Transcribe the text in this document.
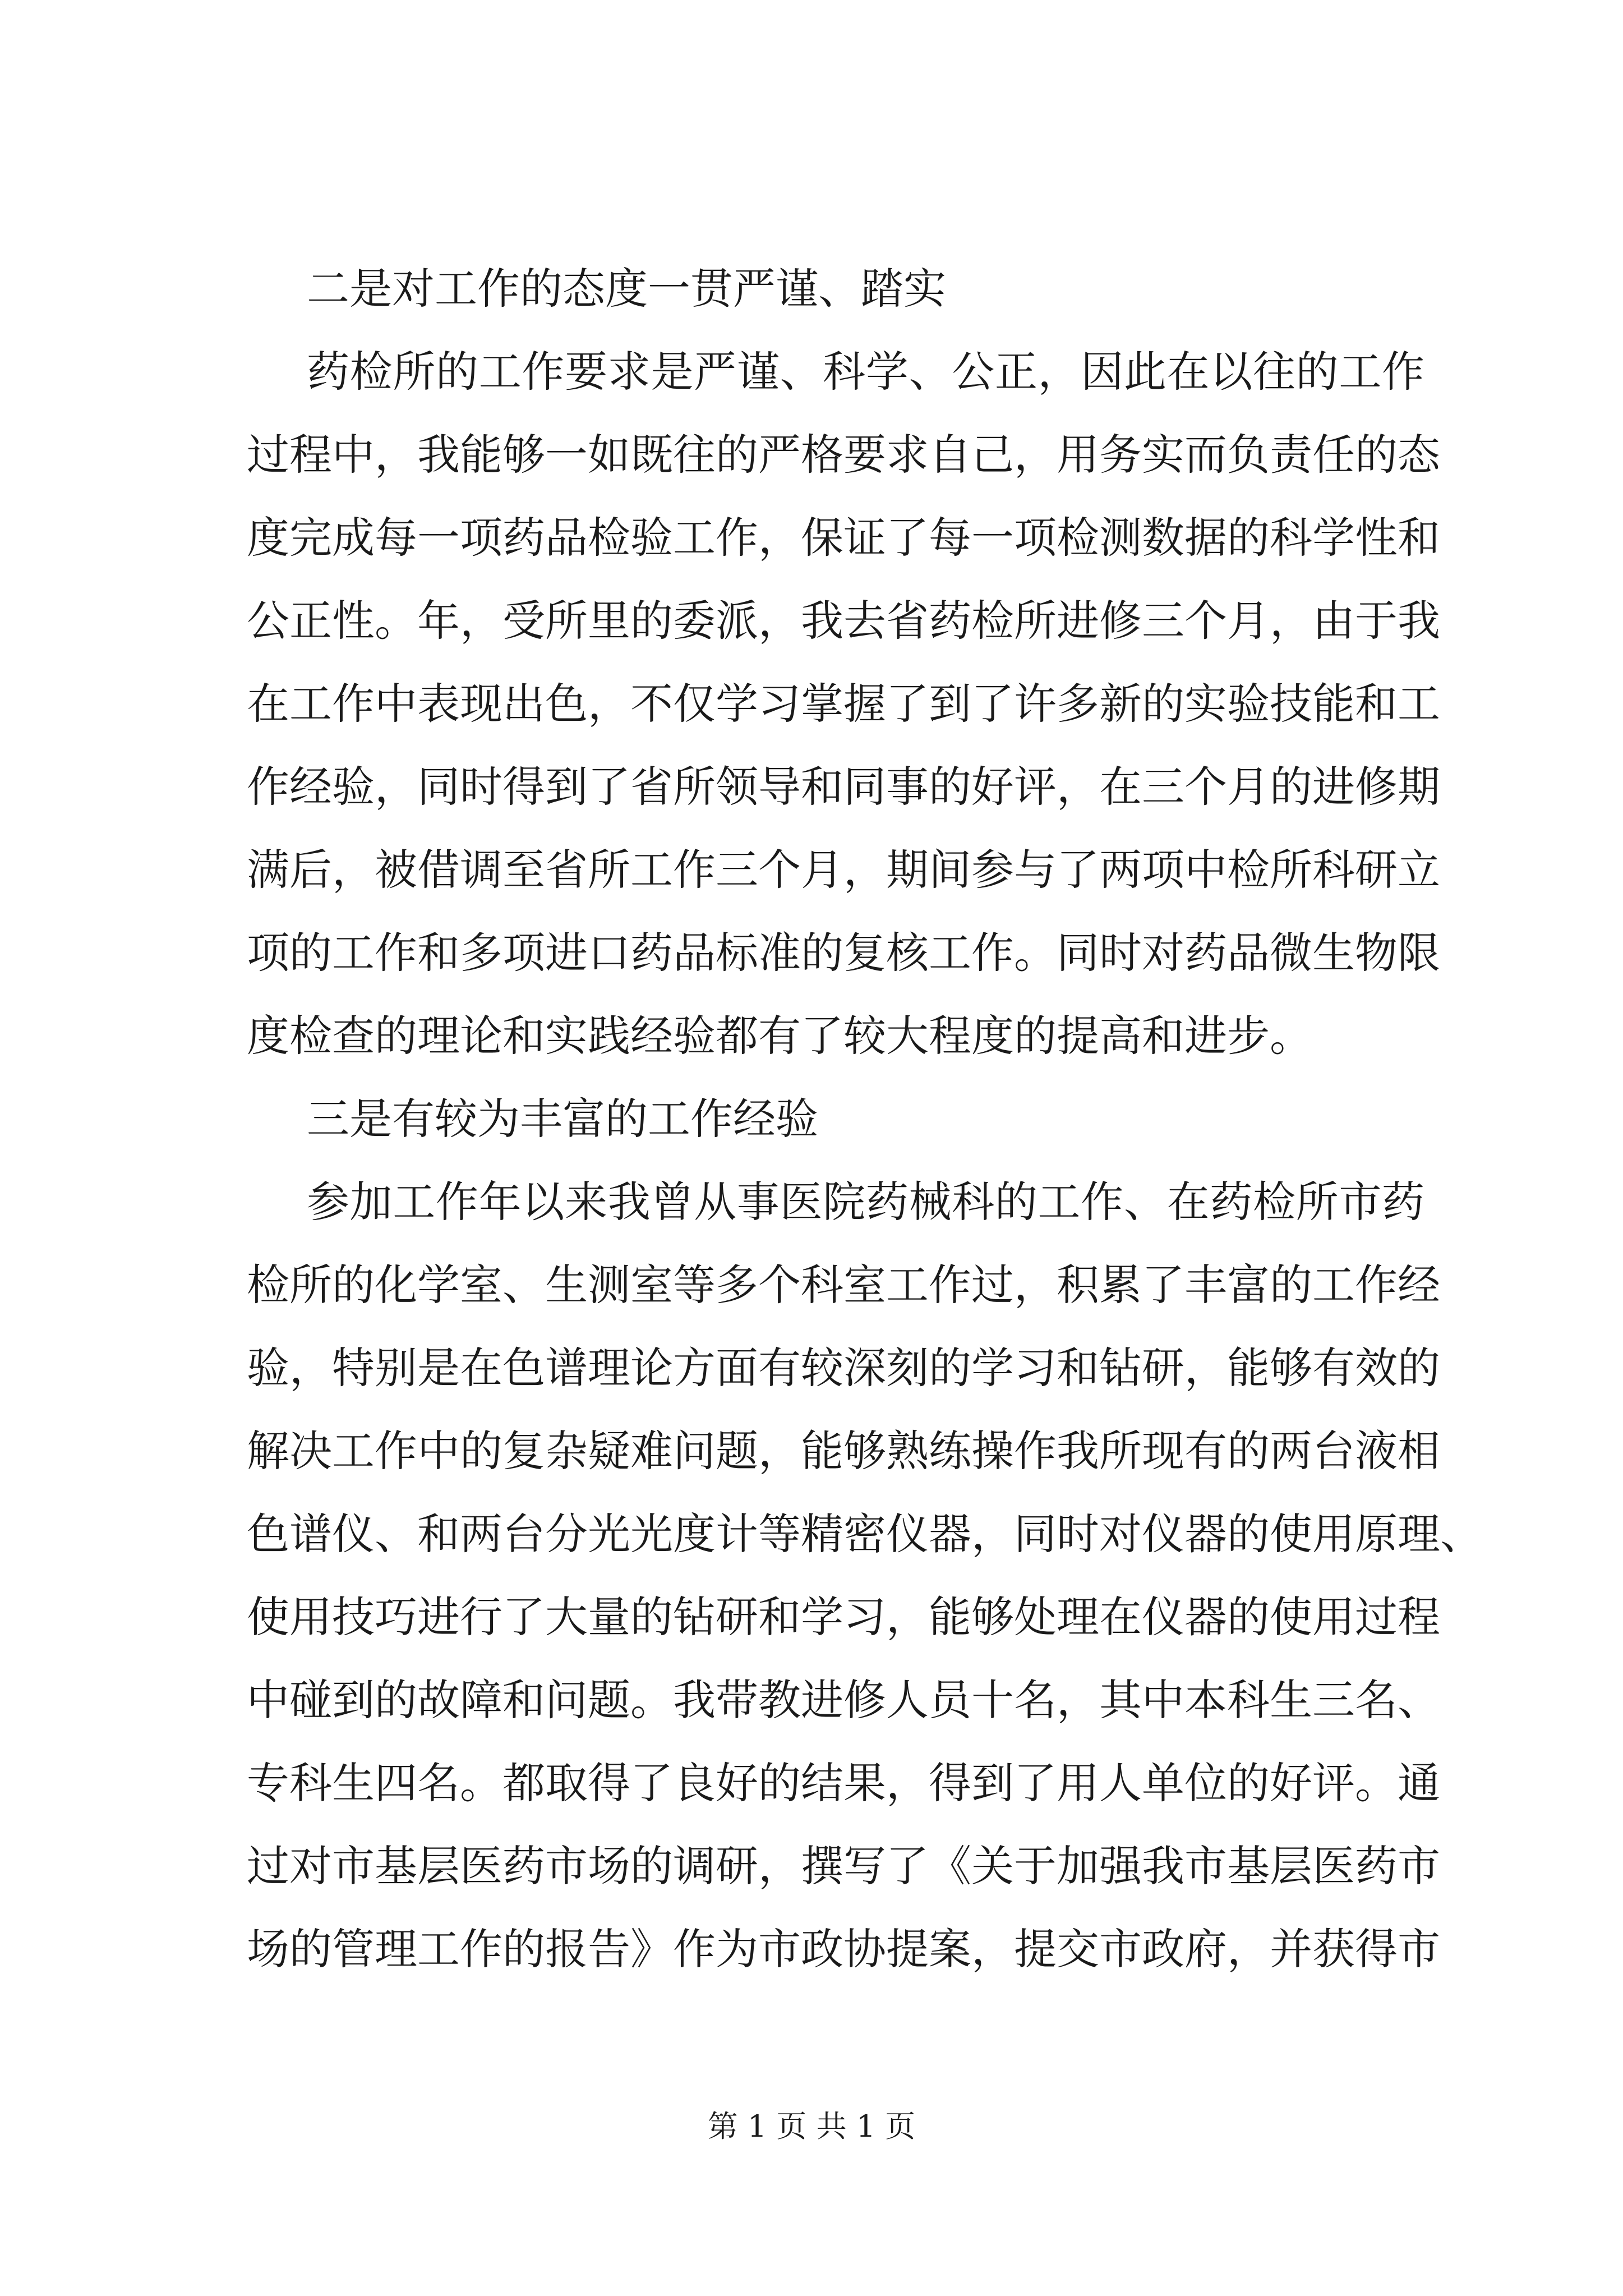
二是对工作的态度一贯严谨、踏实

药检所的工作要求是严谨、科学、公正，因此在以往的工作

过程中，我能够一如既往的严格要求自己，用务实而负责任的态

度完成每一项药品检验工作，保证了每一项检测数据的科学性和

公正性。年，受所里的委派，我去省药检所进修三个月，由于我

在工作中表现出色，不仅学习掌握了到了许多新的实验技能和工

作经验，同时得到了省所领导和同事的好评，在三个月的进修期

满后，被借调至省所工作三个月，期间参与了两项中检所科研立

项的工作和多项进口药品标准的复核工作。同时对药品微生物限

度检查的理论和实践经验都有了较大程度的提高和进步。

三是有较为丰富的工作经验

参加工作年以来我曾从事医院药械科的工作、在药检所市药

检所的化学室、生测室等多个科室工作过，积累了丰富的工作经

验，特别是在色谱理论方面有较深刻的学习和钻研，能够有效的

解决工作中的复杂疑难问题，能够熟练操作我所现有的两台液相

色谱仪、和两台分光光度计等精密仪器，同时对仪器的使用原理、

使用技巧进行了大量的钻研和学习，能够处理在仪器的使用过程

中碰到的故障和问题。我带教进修人员十名，其中本科生三名、

专科生四名。都取得了良好的结果，得到了用人单位的好评。通

过对市基层医药市场的调研，撰写了《关于加强我市基层医药市

场的管理工作的报告》作为市政协提案，提交市政府，并获得市

第 1 页 共 1 页
